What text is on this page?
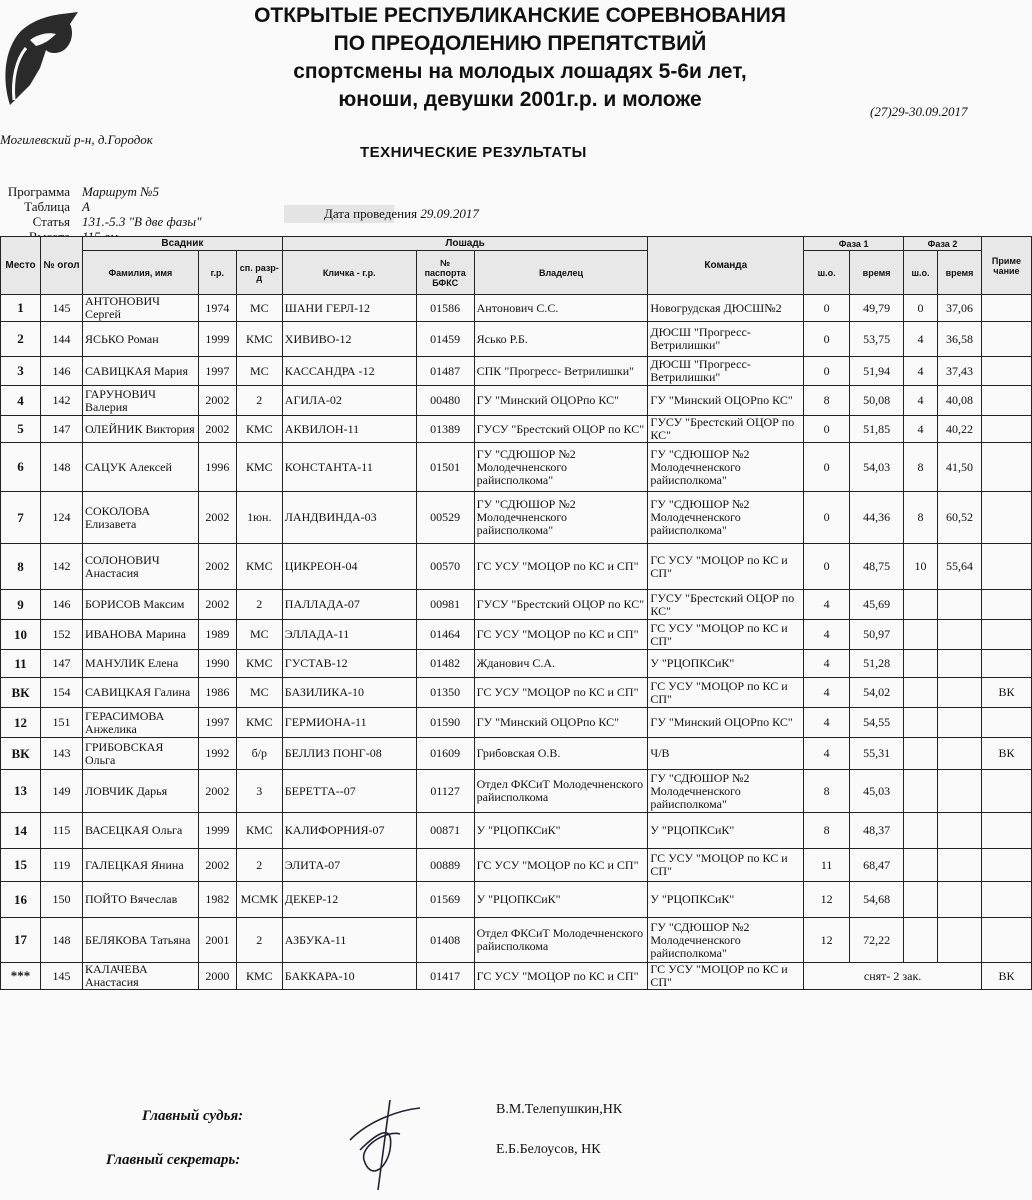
ОТКРЫТЫЕ РЕСПУБЛИКАНСКИЕ СОРЕВНОВАНИЯ
ПО ПРЕОДОЛЕНИЮ ПРЕПЯТСТВИЙ
спортсмены на молодых лошадях 5-6и лет,
юноши, девушки 2001г.р. и моложе
(27)29-30.09.2017
Могилевский р-н, д.Городок
ТЕХНИЧЕСКИЕ РЕЗУЛЬТАТЫ
Программа Маршрут №5
Таблица А
Статья 131.-5.3 "В две фазы"
Дата проведения 29.09.2017
Место	№ огол	Всадник			Лошадь			Команда	Фаза 1		Фаза 2		Приме чание
		Фамилия, имя	г.р.	сп. разр-д	Кличка - г.р.	№ паспорта БФКС	Владелец		ш.о.	время	ш.о.	время	

1	145	АНТОНОВИЧ Сергей	1974	МС	ШАНИ ГЕРЛ-12	01586	Антонович С.С.	Новогрудская ДЮСШ№2	0	49,79	0	37,06	
2	144	ЯСЬКО Роман	1999	КМС	ХИВИВО-12	01459	Ясько Р.Б.	ДЮСШ "Прогресс-Ветрилишки"	0	53,75	4	36,58	
3	146	САВИЦКАЯ Мария	1997	МС	КАССАНДРА -12	01487	СПК "Прогресс- Ветрилишки"	ДЮСШ "Прогресс-Ветрилишки"	0	51,94	4	37,43	
4	142	ГАРУНОВИЧ Валерия	2002	2	АГИЛА-02	00480	ГУ "Минский ОЦОРпо КС"	ГУ "Минский ОЦОРпо КС"	8	50,08	4	40,08	
5	147	ОЛЕЙНИК Виктория	2002	КМС	АКВИЛОН-11	01389	ГУСУ "Брестский ОЦОР по КС"	ГУСУ "Брестский ОЦОР по КС"	0	51,85	4	40,22	
6	148	САЦУК Алексей	1996	КМС	КОНСТАНТА-11	01501	ГУ "СДЮШОР №2 Молодечненского райисполкома"	ГУ "СДЮШОР №2 Молодечненского райисполкома"	0	54,03	8	41,50	
7	124	СОКОЛОВА Елизавета	2002	1юн.	ЛАНДВИНДА-03	00529	ГУ "СДЮШОР №2 Молодечненского райисполкома"	ГУ "СДЮШОР №2 Молодечненского райисполкома"	0	44,36	8	60,52	
8	142	СОЛОНОВИЧ Анастасия	2002	КМС	ЦИКРЕОН-04	00570	ГС УСУ "МОЦОР по КС и СП"	ГС УСУ "МОЦОР по КС и СП"	0	48,75	10	55,64	
9	146	БОРИСОВ Максим	2002	2	ПАЛЛАДА-07	00981	ГУСУ "Брестский ОЦОР по КС"	ГУСУ "Брестский ОЦОР по КС"	4	45,69			
10	152	ИВАНОВА Марина	1989	МС	ЭЛЛАДА-11	01464	ГС УСУ "МОЦОР по КС и СП"	ГС УСУ "МОЦОР по КС и СП"	4	50,97			
11	147	МАНУЛИК Елена	1990	КМС	ГУСТАВ-12	01482	Жданович С.А.	У "РЦОПКСиК"	4	51,28			
ВК	154	САВИЦКАЯ Галина	1986	МС	БАЗИЛИКА-10	01350	ГС УСУ "МОЦОР по КС и СП"	ГС УСУ "МОЦОР по КС и СП"	4	54,02			ВК
12	151	ГЕРАСИМОВА Анжелика	1997	КМС	ГЕРМИОНА-11	01590	ГУ "Минский ОЦОРпо КС"	ГУ "Минский ОЦОРпо КС"	4	54,55			
ВК	143	ГРИБОВСКАЯ Ольга	1992	б/р	БЕЛЛИЗ ПОНГ-08	01609	Грибовская О.В.	Ч/В	4	55,31			ВК
13	149	ЛОВЧИК Дарья	2002	3	БЕРЕТТА--07	01127	Отдел ФКСиТ Молодечненского райисполкома	ГУ "СДЮШОР №2 Молодечненского райисполкома"	8	45,03			
14	115	ВАСЕЦКАЯ Ольга	1999	КМС	КАЛИФОРНИЯ-07	00871	У "РЦОПКСиК"	У "РЦОПКСиК"	8	48,37			
15	119	ГАЛЕЦКАЯ Янина	2002	2	ЭЛИТА-07	00889	ГС УСУ "МОЦОР по КС и СП"	ГС УСУ "МОЦОР по КС и СП"	11	68,47			
16	150	ПОЙТО Вячеслав	1982	МСМК	ДЕКЕР-12	01569	У "РЦОПКСиК"	У "РЦОПКСиК"	12	54,68			
17	148	БЕЛЯКОВА Татьяна	2001	2	АЗБУКА-11	01408	Отдел ФКСиТ Молодечненского райисполкома	ГУ "СДЮШОР №2 Молодечненского райисполкома"	12	72,22			
***	145	КАЛАЧЕВА Анастасия	2000	КМС	БАККАРА-10	01417	ГС УСУ "МОЦОР по КС и СП"	ГС УСУ "МОЦОР по КС и СП"	снят- 2 зак.				ВК
Главный судья:	В.М.Телепушкин,НК
Главный секретарь:
Е.Б.Белоусов, НК
